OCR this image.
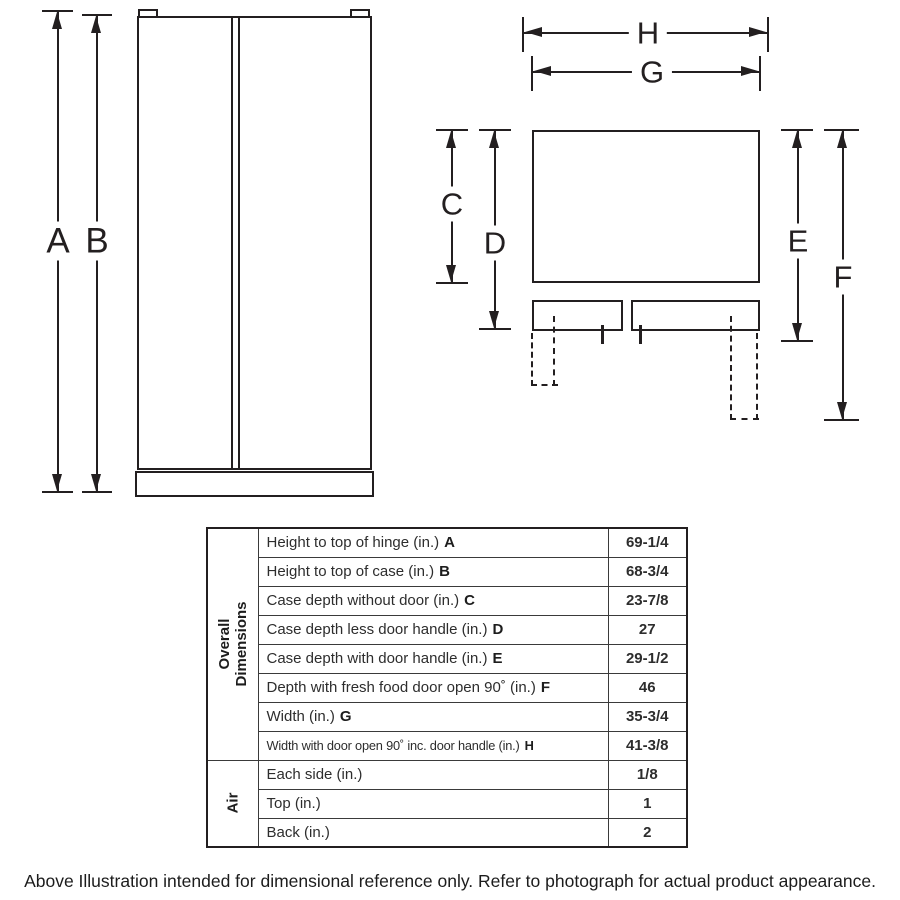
A B
H
G
C
D	E
F
Overall Dimensions	Height to top of hinge (in.) A	69-1/4
	Height to top of case (in.) B	68-3/4
	Case depth without door (in.) C	23-7/8
	Case depth less door handle (in.) D	27
	Case depth with door handle (in.) E	29-1/2
	Depth with fresh food door open 90˚ (in.) F	46
	Width (in.) G	35-3/4
	Width with door open 90˚ inc. door handle (in.) H	41-3/8

Air	Each side (in.)	1/8
	Top (in.)	1
	Back (in.)	2
Above Illustration intended for dimensional reference only. Refer to photograph for actual product appearance.
